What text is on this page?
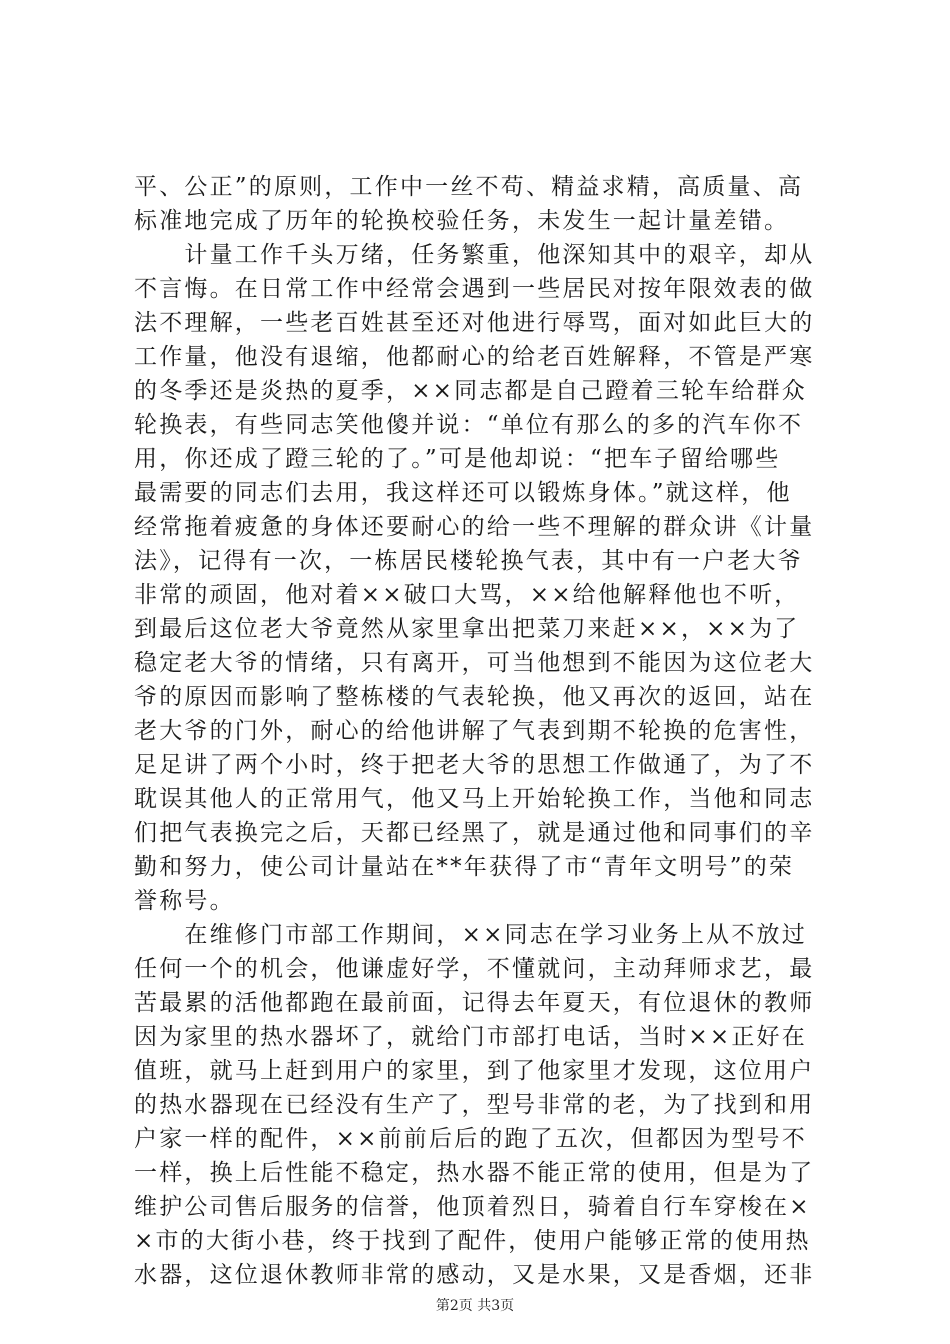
平、公正”的原则，工作中一丝不苟、精益求精，高质量、高
标准地完成了历年的轮换校验任务，未发生一起计量差错。
　　计量工作千头万绪，任务繁重，他深知其中的艰辛，却从
不言悔。在日常工作中经常会遇到一些居民对按年限效表的做
法不理解，一些老百姓甚至还对他进行辱骂，面对如此巨大的
工作量，他没有退缩，他都耐心的给老百姓解释，不管是严寒
的冬季还是炎热的夏季，××同志都是自己蹬着三轮车给群众
轮换表，有些同志笑他傻并说：“单位有那么的多的汽车你不
用，你还成了蹬三轮的了。”可是他却说：“把车子留给哪些
最需要的同志们去用，我这样还可以锻炼身体。”就这样，他
经常拖着疲惫的身体还要耐心的给一些不理解的群众讲《计量
法》，记得有一次，一栋居民楼轮换气表，其中有一户老大爷
非常的顽固，他对着××破口大骂，××给他解释他也不听，
到最后这位老大爷竟然从家里拿出把菜刀来赶××，××为了
稳定老大爷的情绪，只有离开，可当他想到不能因为这位老大
爷的原因而影响了整栋楼的气表轮换，他又再次的返回，站在
老大爷的门外，耐心的给他讲解了气表到期不轮换的危害性，
足足讲了两个小时，终于把老大爷的思想工作做通了，为了不
耽误其他人的正常用气，他又马上开始轮换工作，当他和同志
们把气表换完之后，天都已经黑了，就是通过他和同事们的辛
勤和努力，使公司计量站在**年获得了市“青年文明号”的荣
誉称号。
　　在维修门市部工作期间，××同志在学习业务上从不放过
任何一个的机会，他谦虚好学，不懂就问，主动拜师求艺，最
苦最累的活他都跑在最前面，记得去年夏天，有位退休的教师
因为家里的热水器坏了，就给门市部打电话，当时××正好在
值班，就马上赶到用户的家里，到了他家里才发现，这位用户
的热水器现在已经没有生产了，型号非常的老，为了找到和用
户家一样的配件，××前前后后的跑了五次，但都因为型号不
一样，换上后性能不稳定，热水器不能正常的使用，但是为了
维护公司售后服务的信誉，他顶着烈日，骑着自行车穿梭在×
×市的大街小巷，终于找到了配件，使用户能够正常的使用热
水器，这位退休教师非常的感动，又是水果，又是香烟，还非
第2页 共3页
